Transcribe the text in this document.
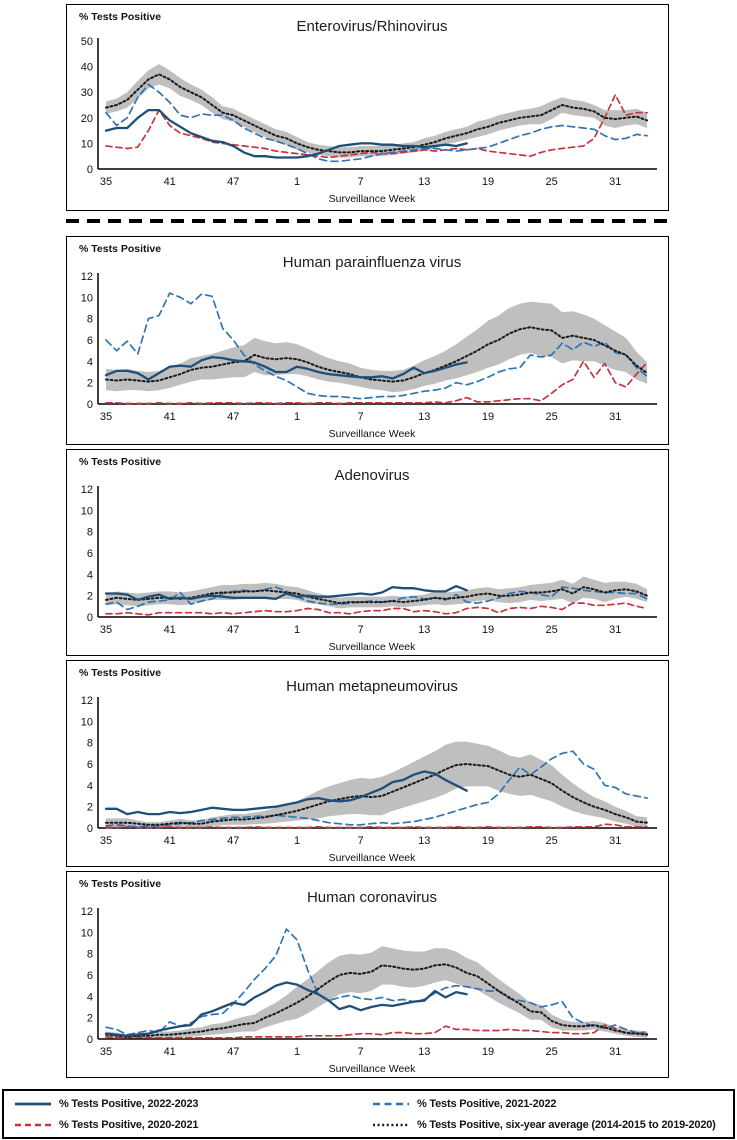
% Tests Positive
Enterovirus/Rhinovirus
0
10
20
30
40
50
35	41	47	1	7	13	19	25	31
Surveillance Week
% Tests Positive
Human parainfluenza virus
0
2
4
6
8
10
12
35	41	47	1	7	13	19	25	31
Surveillance Week
% Tests Positive
Adenovirus
0
2
4
6
8
10
12
35	41	47	1	7	13	19	25	31
Surveillance Week
% Tests Positive
Human metapneumovirus
0
2
4
6
8
10
12
35	41	47	1	7	13	19	25	31
Surveillance Week
% Tests Positive
Human coronavirus
0
2
4
6
8
10
12
35	41	47	1	7	13	19	25	31
Surveillance Week
% Tests Positive, 2022-2023	% Tests Positive, 2021-2022
% Tests Positive, 2020-2021	% Tests Positive, six-year average (2014-2015 to 2019-2020)
